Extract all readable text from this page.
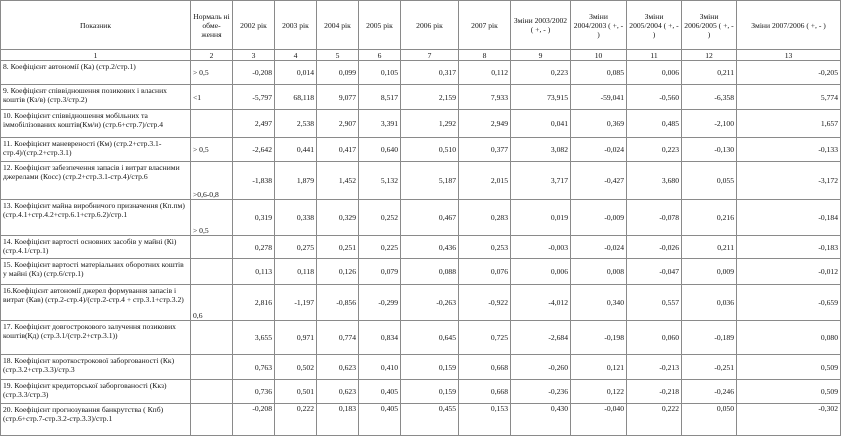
Показник	Нормаль ні обме-ження	2002 рік	2003 рік	2004 рік	2005 рік	2006 рік	2007 рік	Зміни 2003/2002 ( +, - )	Зміни 2004/2003 ( +, - )	Зміни 2005/2004 ( +, - )	Зміни 2006/2005 ( +, - )	Зміни 2007/2006 ( +, - )
1	2	3	4	5	6	7	8	9	10	11	12	13
8. Коефіцієнт автономії (Ка) (стр.2/стр.1)	> 0,5	-0,208	0,014	0,099	0,105	0,317	0,112	0,223	0,085	0,006	0,211	-0,205
9. Коефіцієнт співвідношення позикових і власних коштів (Кз/в) (стр.3/стр.2)	<1	-5,797	68,118	9,077	8,517	2,159	7,933	73,915	-59,041	-0,560	-6,358	5,774
10. Коефіцієнт співвідношення мобільних та іммобілізованих коштів(Км/и) (стр.6+стр.7)/стр.4		2,497	2,538	2,907	3,391	1,292	2,949	0,041	0,369	0,485	-2,100	1,657
11. Коефіцієнт маневреності (Км) (стр.2+стр.3.1-стр.4)/(стр.2+стр.3.1)	> 0,5	-2,642	0,441	0,417	0,640	0,510	0,377	3,082	-0,024	0,223	-0,130	-0,133
12. Коефіцієнт забезпечення запасів і витрат власними джерелами (Косс) (стр.2+стр.3.1-стр.4)/стр.6	>0,6-0,8	-1,838	1,879	1,452	5,132	5,187	2,015	3,717	-0,427	3,680	0,055	-3,172
13. Коефіцієнт майна виробничого призначення (Кп.пм) (стр.4.1+стр.4.2+стр.6.1+стр.6.2)/стр.1	> 0,5	0,319	0,338	0,329	0,252	0,467	0,283	0,019	-0,009	-0,078	0,216	-0,184
14. Коефіцієнт вартості основних засобів у майні (Кі) (стр.4.1/стр.1)		0,278	0,275	0,251	0,225	0,436	0,253	-0,003	-0,024	-0,026	0,211	-0,183
15. Коефіцієнт вартості матеріальних оборотних коштів у майні (Кз) (стр.6/стр.1)		0,113	0,118	0,126	0,079	0,088	0,076	0,006	0,008	-0,047	0,009	-0,012
16.Коефіцієнт автономії джерел формування запасів і витрат (Кав) (стр.2-стр.4)/(стр.2-стр.4 + стр.3.1+стр.3.2)	0,6	2,816	-1,197	-0,856	-0,299	-0,263	-0,922	-4,012	0,340	0,557	0,036	-0,659
17. Коефіцієнт довгострокового залучення позикових коштів(Кд) (стр.3.1/(стр.2+стр.3.1))		3,655	0,971	0,774	0,834	0,645	0,725	-2,684	-0,198	0,060	-0,189	0,080
18. Коефіцієнт короткострокової заборгованості (Кк) (стр.3.2+стр.3.3)/стр.3		0,763	0,502	0,623	0,410	0,159	0,668	-0,260	0,121	-0,213	-0,251	0,509
19. Коефіцієнт кредиторської заборгованості (Ккз) (стр.3.3/стр.3)		0,736	0,501	0,623	0,405	0,159	0,668	-0,236	0,122	-0,218	-0,246	0,509
20. Коефіцієнт прогнозування банкрутства ( Кпб) (стр.6+стр.7-стр.3.2-стр.3.3)/стр.1		-0,208	0,222	0,183	0,405	0,455	0,153	0,430	-0,040	0,222	0,050	-0,302
